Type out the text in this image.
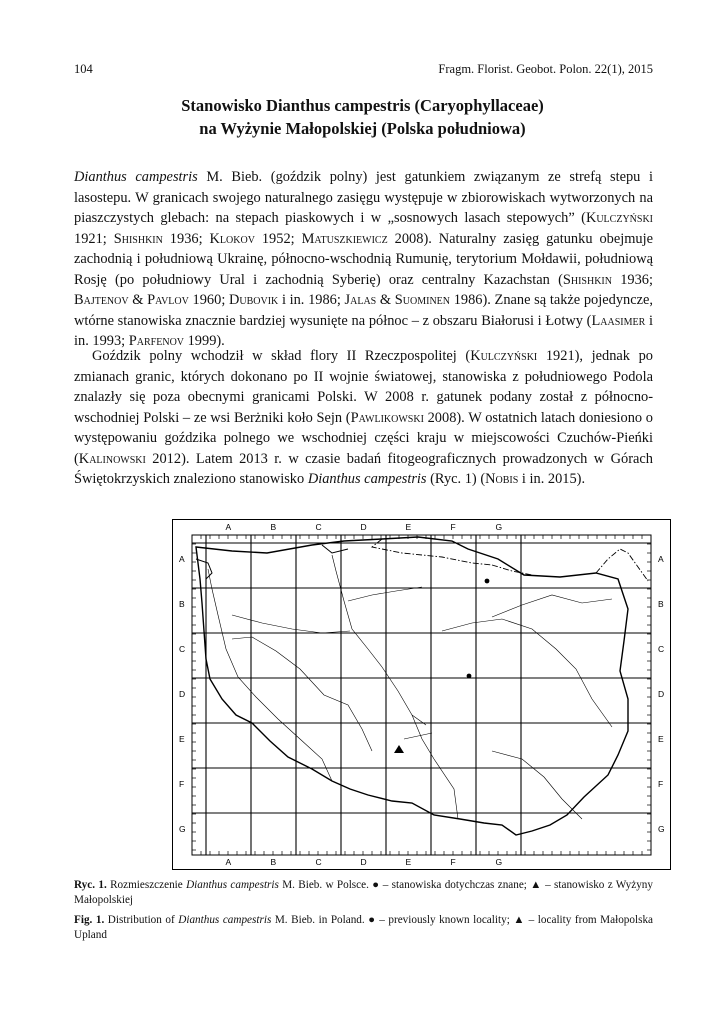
104	Fragm. Florist. Geobot. Polon. 22(1), 2015
Stanowisko Dianthus campestris (Caryophyllaceae)
na Wyżynie Małopolskiej (Polska południowa)
Dianthus campestris M. Bieb. (goździk polny) jest gatunkiem związanym ze strefą stepu i lasostepu. W granicach swojego naturalnego zasięgu występuje w zbiorowiskach wytworzonych na piaszczystych glebach: na stepach piaskowych i w „sosnowych lasach stepowych” (Kulczyński 1921; Shishkin 1936; Klokov 1952; Matuszkiewicz 2008). Naturalny zasięg gatunku obejmuje zachodnią i południową Ukrainę, północno-wschodnią Rumunię, terytorium Mołdawii, południową Rosję (po południowy Ural i zachodnią Syberię) oraz centralny Kazachstan (Shishkin 1936; Bajtenov & Pavlov 1960; Dubovik i in. 1986; Jalas & Suominen 1986). Znane są także pojedyncze, wtórne stanowiska znacznie bardziej wysunięte na północ – z obszaru Białorusi i Łotwy (Laasimer i in. 1993; Parfenov 1999).
Goździk polny wchodził w skład flory II Rzeczpospolitej (Kulczyński 1921), jednak po zmianach granic, których dokonano po II wojnie światowej, stanowiska z południowego Podola znalazły się poza obecnymi granicami Polski. W 2008 r. gatunek podany został z północno-wschodniej Polski – ze wsi Berżniki koło Sejn (Pawlikowski 2008). W ostatnich latach doniesiono o występowaniu goździka polnego we wschodniej części kraju w miejscowości Czuchów-Pieńki (Kalinowski 2012). Latem 2013 r. w czasie badań fitogeograficznych prowadzonych w Górach Świętokrzyskich znaleziono stanowisko Dianthus campestris (Ryc. 1) (Nobis i in. 2015).
A
A
B
B
C
C
D
D
E
E
F
F
G
G
A	A
B	B
C	C
D	D
E	E
F	F
G	G
Ryc. 1. Rozmieszczenie Dianthus campestris M. Bieb. w Polsce. ● – stanowiska dotychczas znane; ▲ – stanowisko z Wyżyny Małopolskiej
Fig. 1. Distribution of Dianthus campestris M. Bieb. in Poland. ● – previously known locality; ▲ – locality from Małopolska Upland
